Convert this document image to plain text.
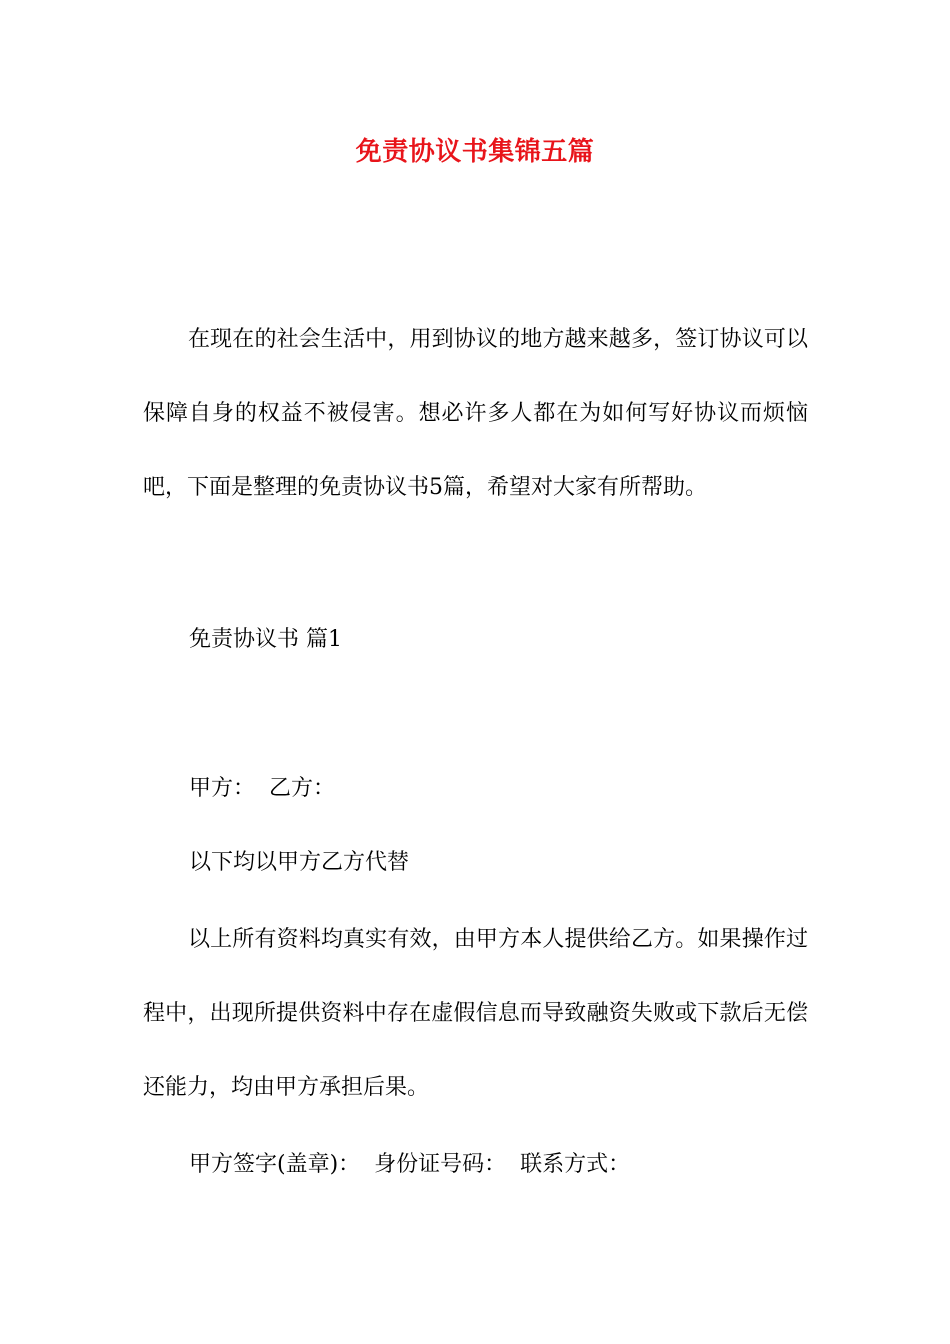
免责协议书集锦五篇

在现在的社会生活中，用到协议的地方越来越多，签订协议可以保障自身的权益不被侵害。想必许多人都在为如何写好协议而烦恼吧，下面是整理的免责协议书5篇，希望对大家有所帮助。

免责协议书 篇1

甲方：  乙方：

以下均以甲方乙方代替

以上所有资料均真实有效，由甲方本人提供给乙方。如果操作过程中，出现所提供资料中存在虚假信息而导致融资失败或下款后无偿还能力，均由甲方承担后果。

甲方签字(盖章)：  身份证号码：  联系方式：
